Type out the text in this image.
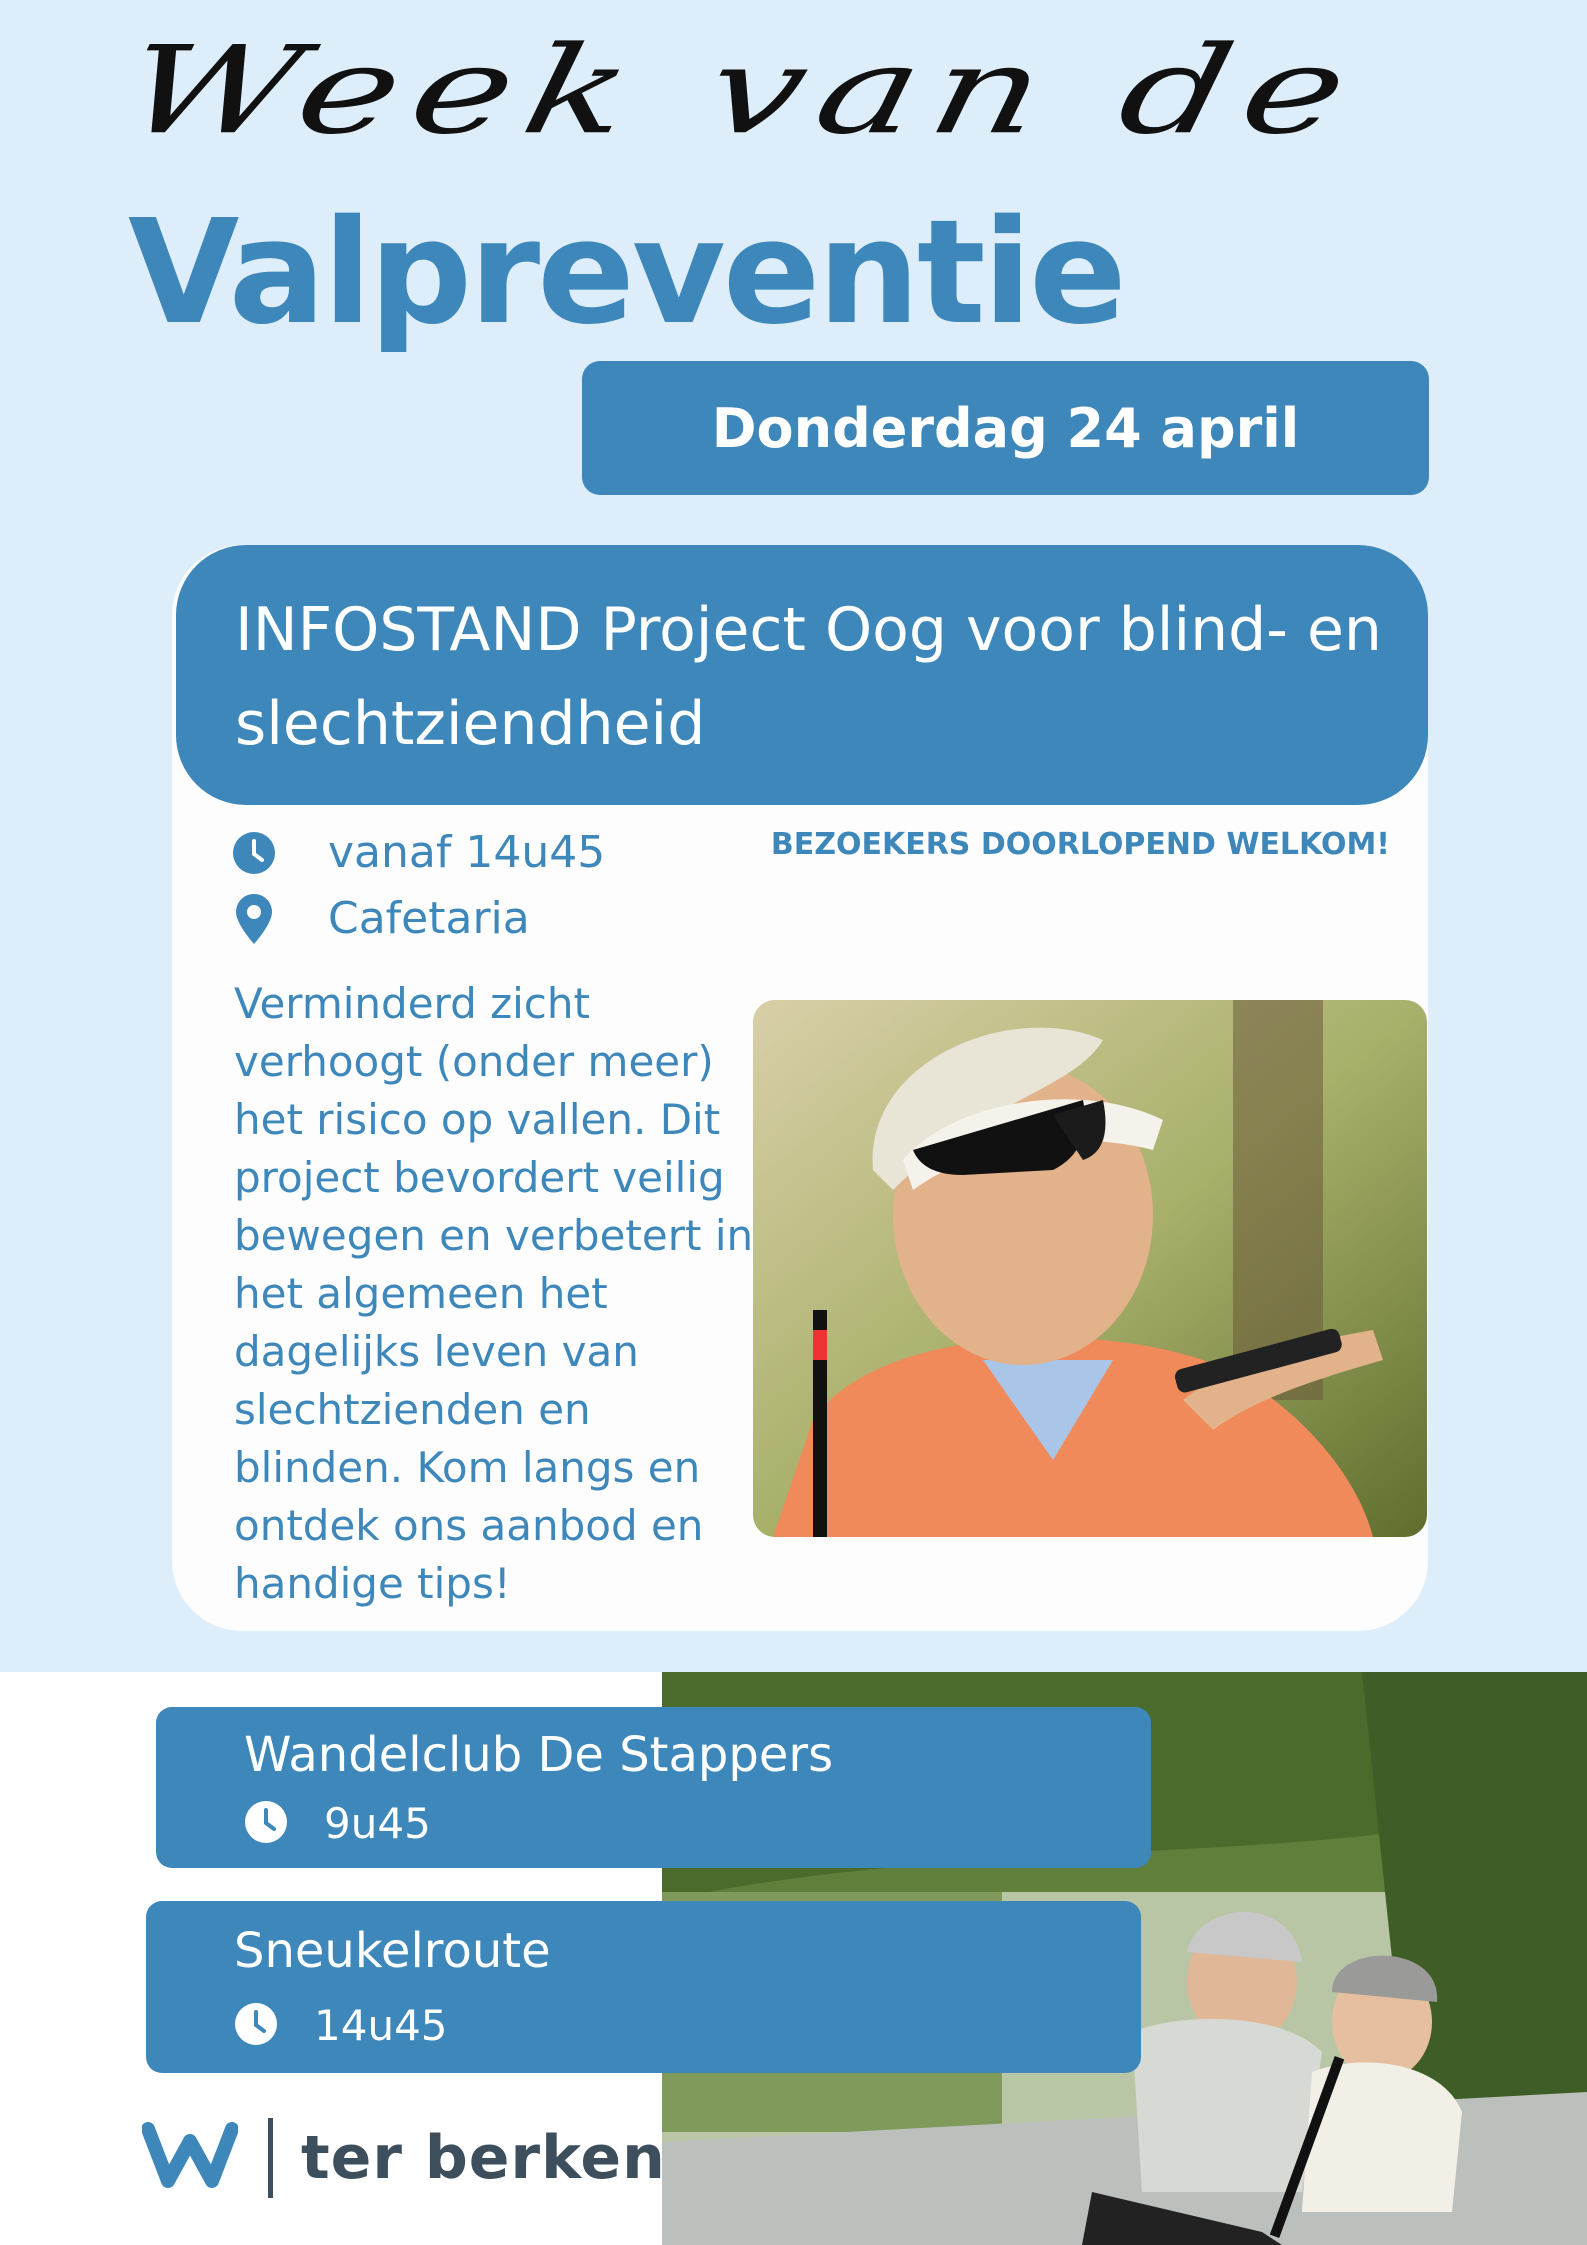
Week van de
Valpreventie
Donderdag 24 april
INFOSTAND Project Oog voor blind- en slechtziendheid
vanaf 14u45
Cafetaria
BEZOEKERS DOORLOPEND WELKOM!
Verminderd zicht verhoogt (onder meer) het risico op vallen. Dit project bevordert veilig bewegen en verbetert in het algemeen het dagelijks leven van slechtzienden en blinden. Kom langs en ontdek ons aanbod en handige tips!
Wandelclub De Stappers
9u45
Sneukelroute
14u45
ter berken
